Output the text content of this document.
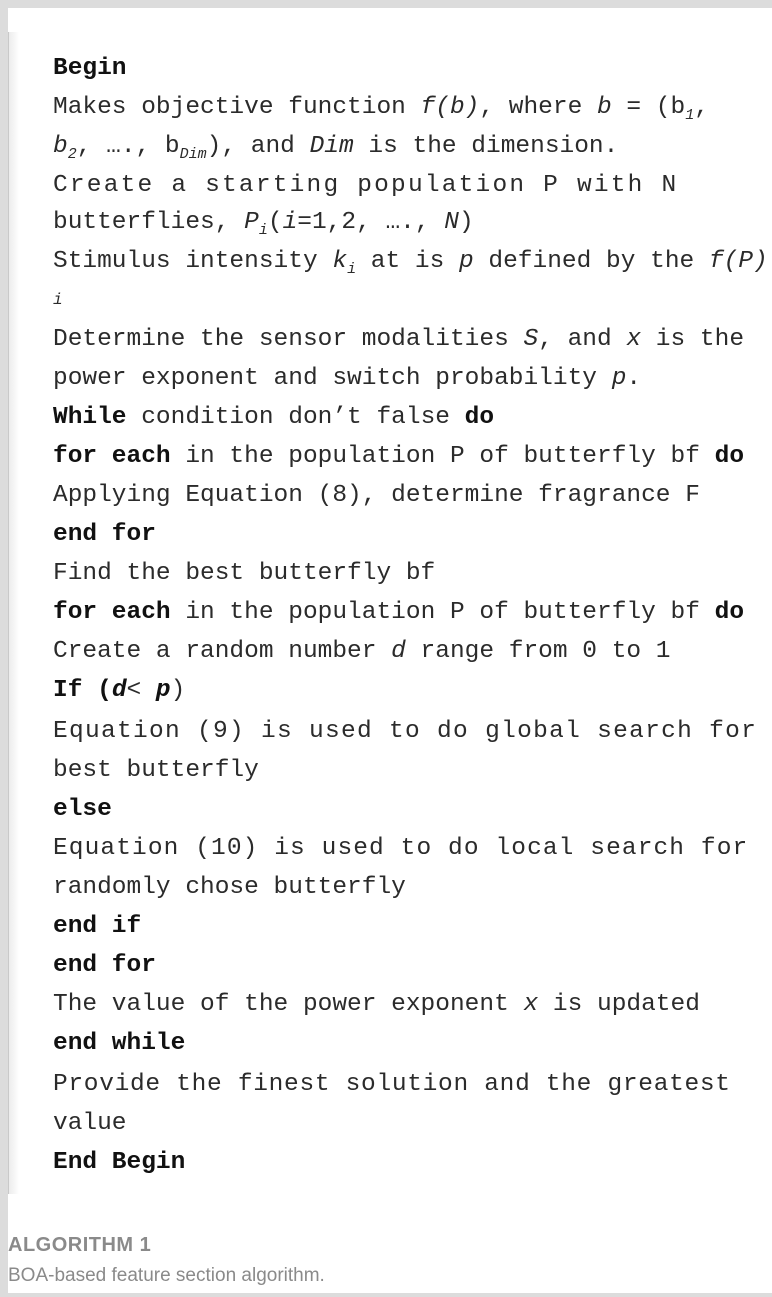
Begin
Makes objective function f(b), where $b = (b_1$,
$b_2$, …., $b_{Dim}$), and Dim is the dimension.
Create a starting population P with N
butterflies, $P_i(i=1,2$, …., N)
Stimulus intensity $k_i$ at is p defined by the f(P)
i
Determine the sensor modalities S, and x is the
power exponent and switch probability p.
While condition don’t false do
for each in the population P of butterfly bf do
Applying Equation (8), determine fragrance F
end for
Find the best butterfly bf
for each in the population P of butterfly bf do
Create a random number d range from 0 to 1
If (d< p)
Equation (9) is used to do global search for
best butterfly
else
Equation (10) is used to do local search for
randomly chose butterfly
end if
end for
The value of the power exponent x is updated
end while
Provide the finest solution and the greatest
value
End Begin
ALGORITHM 1
BOA-based feature section algorithm.
